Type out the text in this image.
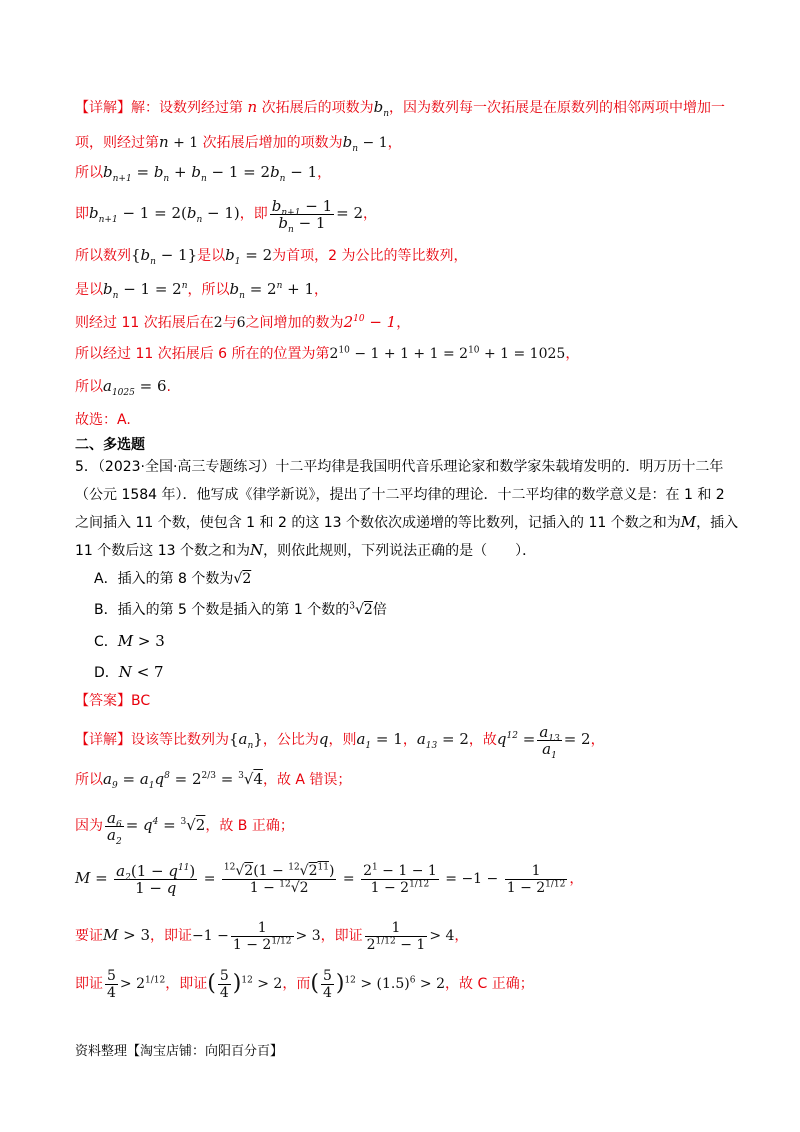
【详解】解：设数列经过第 n 次拓展后的项数为$b_n$，因为数列每一次拓展是在原数列的相邻两项中增加一
项，则经过第n + 1 次拓展后增加的项数为$b_n - 1$，
所以$b_{n+1} = b_n + b_n - 1 = 2b_n - 1$，
即$b_{n+1} - 1 = 2(b_n - 1)$，即 $\frac{b_{n+1} - 1}{b_n - 1} = 2$，
所以数列$\{b_n - 1\}$是以$b_1 = 2$为首项，2 为公比的等比数列，
是以$b_n - 1 = 2^n$，所以$b_n = 2^n + 1$，
则经过 11 次拓展后在2与6之间增加的数为$2^{10} - 1$，
所以经过 11 次拓展后 6 所在的位置为第$2^{10} - 1 + 1 + 1 = 2^{10} + 1 = 1025$，
所以$a_{1025} = 6$.
故选：A.
二、多选题
5．（2023·全国·高三专题练习）十二平均律是我国明代音乐理论家和数学家朱载堉发明的．明万历十二年
（公元 1584 年）．他写成《律学新说》，提出了十二平均律的理论．十二平均律的数学意义是：在 1 和 2
之间插入 11 个数，使包含 1 和 2 的这 13 个数依次成递增的等比数列，记插入的 11 个数之和为M，插入
11 个数后这 13 个数之和为N，则依此规则，下列说法正确的是（　　）．
A．插入的第 8 个数为√2
B．插入的第 5 个数是插入的第 1 个数的$^3$√2倍
C．M > 3
D．N < 7
【答案】BC
【详解】设该等比数列为$\{a_n\}$，公比为q，则$a_1 = 1$，$a_{13} = 2$，故$q^{12} = \frac{a_{13}}{a_1} = 2$，
所以$a_9 = a_1q^8 = 2^{2/3} = ^3√4$，故 A 错误；
因为 $\frac{a_6}{a_2} = q^4 = ^3√2$，故 B 正确；
$M = \frac{a_2(1 - q^{11})}{1 - q} = \frac{^{12}√2(1 - ^{12}√2^{11})}{1 - ^{12}√2} = \frac{2^1 - 1 - 1}{1 - 2^{1/12}} = -1 - \frac{1}{1 - 2^{1/12}}$ ，
要证M > 3，即证$-1 - \frac{1}{1 - 2^{1/12}} > 3$，即证 $\frac{1}{2^{1/12} - 1} > 4$，
即证 $\frac{5}{4} > 2^{1/12}$，即证( $\frac{5}{4} )^{12} > 2$，而( $\frac{5}{4} )^{12} > (1.5)^6 > 2$，故 C 正确；
资料整理【淘宝店铺：向阳百分百】
